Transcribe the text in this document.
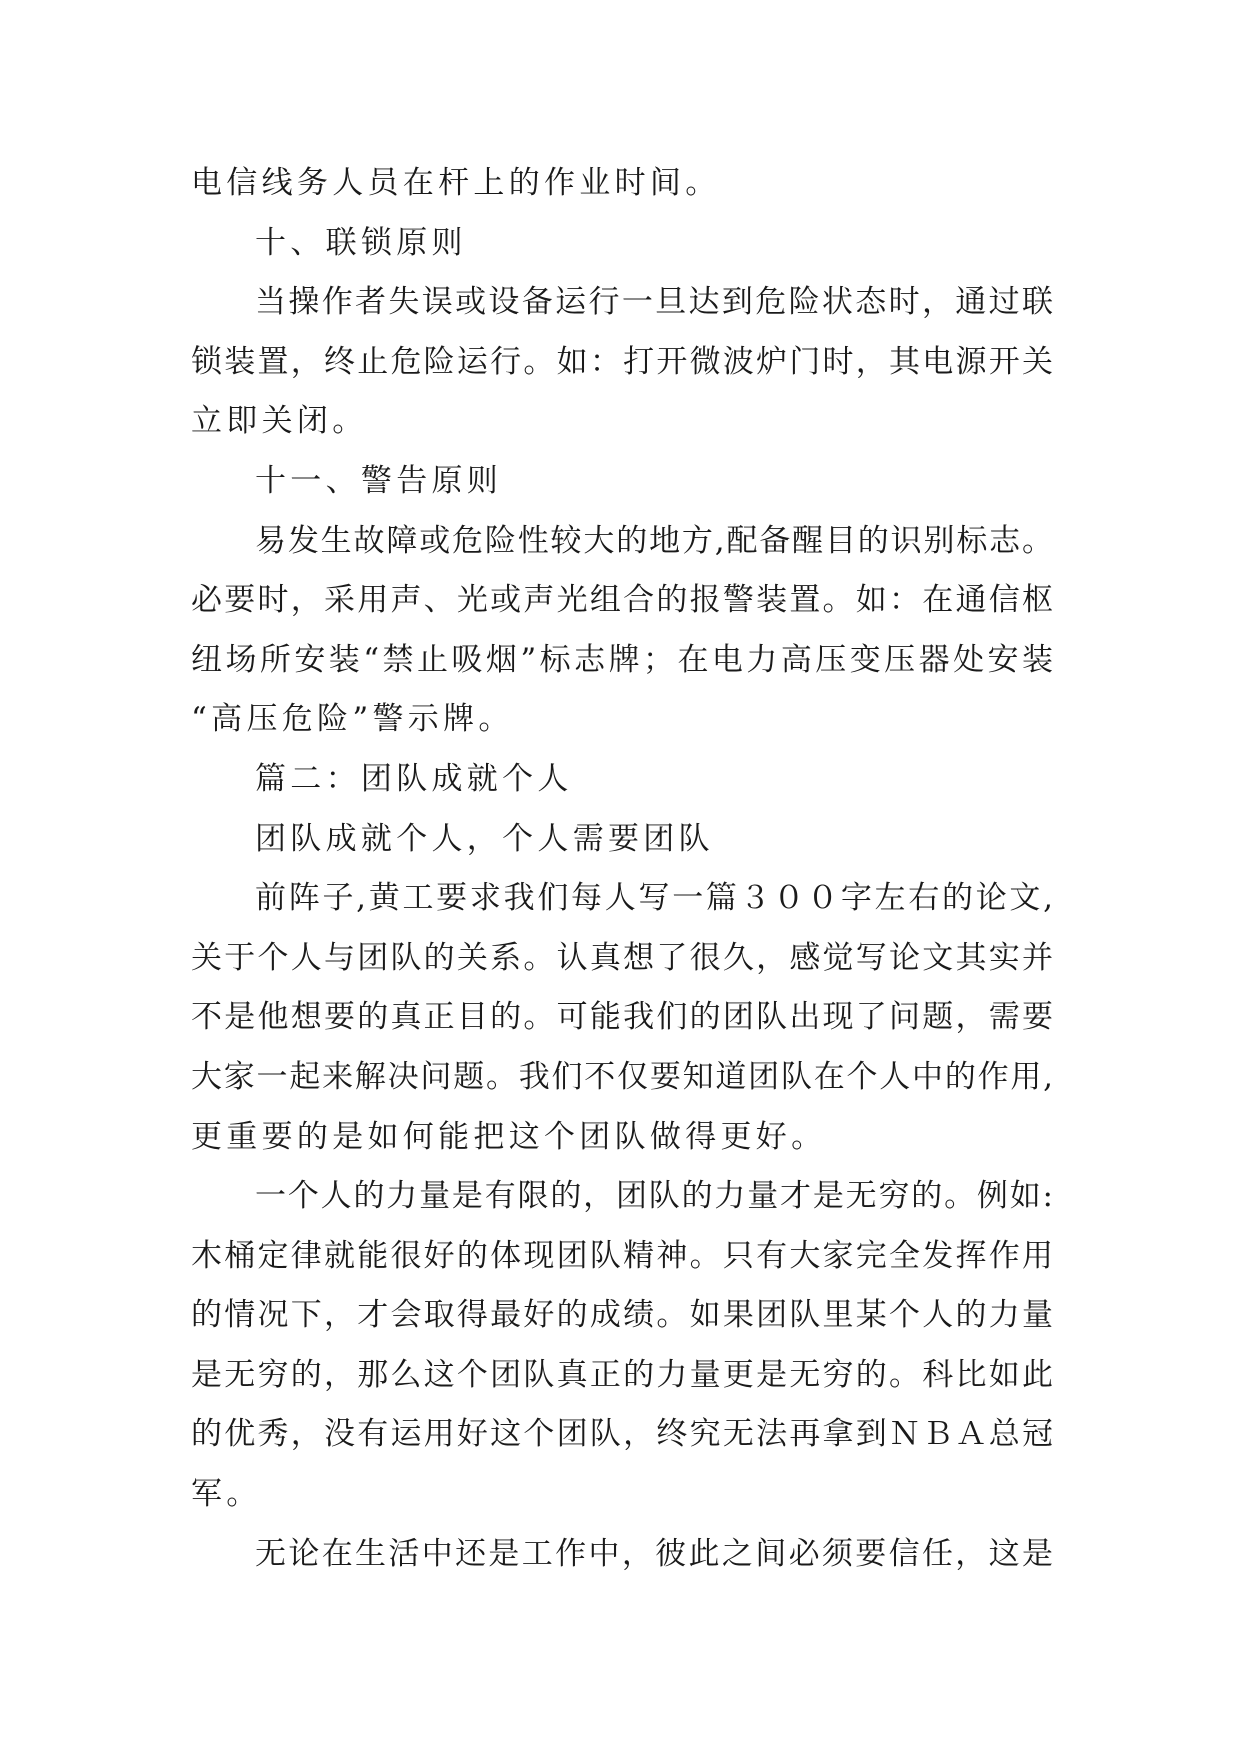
电信线务人员在杆上的作业时间。
十、联锁原则
当操作者失误或设备运行一旦达到危险状态时，通过联
锁装置，终止危险运行。如：打开微波炉门时，其电源开关
立即关闭。
十一、警告原则
易发生故障或危险性较大的地方,配备醒目的识别标志。
必要时，采用声、光或声光组合的报警装置。如：在通信枢
纽场所安装“禁止吸烟”标志牌；在电力高压变压器处安装
“高压危险”警示牌。
篇二：团队成就个人
团队成就个人，个人需要团队
前阵子,黄工要求我们每人写一篇３００字左右的论文,
关于个人与团队的关系。认真想了很久，感觉写论文其实并
不是他想要的真正目的。可能我们的团队出现了问题，需要
大家一起来解决问题。我们不仅要知道团队在个人中的作用,
更重要的是如何能把这个团队做得更好。
一个人的力量是有限的，团队的力量才是无穷的。例如:
木桶定律就能很好的体现团队精神。只有大家完全发挥作用
的情况下，才会取得最好的成绩。如果团队里某个人的力量
是无穷的，那么这个团队真正的力量更是无穷的。科比如此
的优秀，没有运用好这个团队，终究无法再拿到ＮＢＡ总冠
军。
无论在生活中还是工作中，彼此之间必须要信任，这是
